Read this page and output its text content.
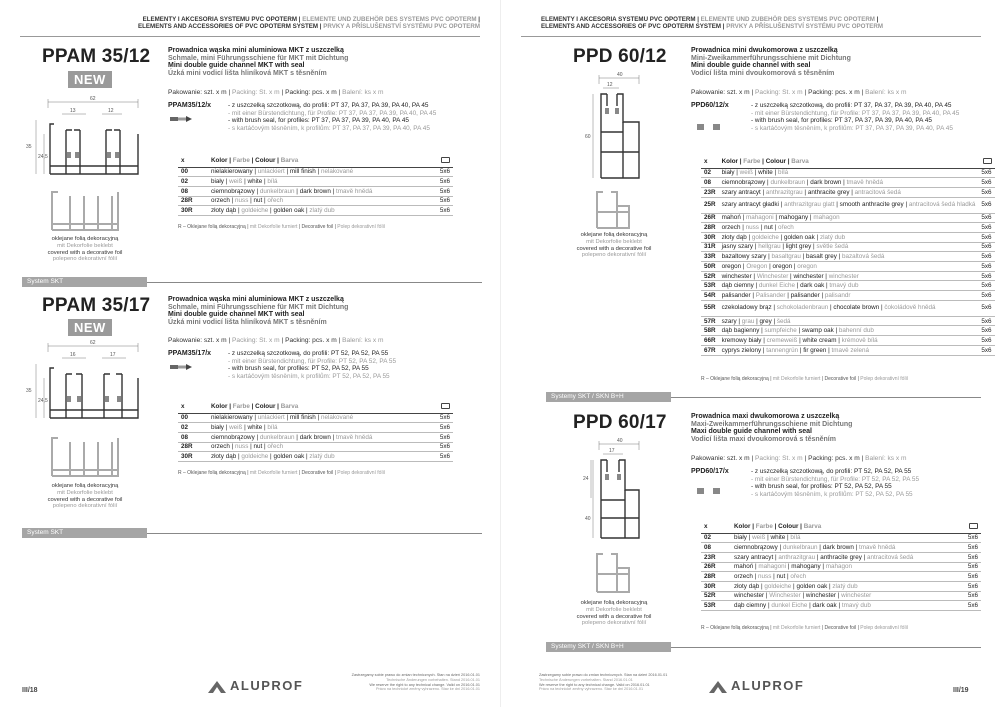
ELEMENTY I AKCESORIA SYSTEMU PVC OPOTERM | ELEMENTE UND ZUBEHÖR DES SYSTEMS PVC OPOTERM |
ELEMENTS AND ACCESSORIES OF PVC OPOTERM SYSTEM | PRVKY A PŘÍSLUŠENSTVÍ SYSTÉMU PVC OPOTERM
PPAM 35/12
NEW
62
13	12
35
24,5
oklejane folią dekoracyjną
mit Dekorfolie beklebt
covered with a decorative foil
polepeno dekorativní fólií
Prowadnica wąska mini aluminiowa MKT z uszczelką
Schmale, mini Führungsschiene für MKT mit Dichtung
Mini double guide channel MKT with seal
Úzká mini vodicí lišta hliníková MKT s těsněním
Pakowanie: szt. x m | Packing: St. x m | Packing: pcs. x m | Balení: ks x m
PPAM35/12/x	- z uszczelką szczotkową, do profili: PT 37, PA 37, PA 39, PA 40, PA 45
- mit einer Bürstendichtung, für Profile: PT 37, PA 37, PA 39, PA 40, PA 45
- with brush seal, for profiles: PT 37, PA 37, PA 39, PA 40, PA 45
- s kartáčovým těsněním, k profilům: PT 37, PA 37, PA 39, PA 40, PA 45
x	Kolor | Farbe | Colour | Barva	
00	nielakierowany | unlackiert | mill finish | nelakované	5x6
02	biały | weiß | white | bílá	5x6
08	ciemnobrązowy | dunkelbraun | dark brown | tmavě hnědá	5x6
28R	orzech | nuss | nut | ořech	5x6
30R	złoty dąb | goldeiche | golden oak | zlatý dub	5x6
R – Oklejane folią dekoracyjną | mit Dekorfolie furniert | Decorative foil | Polep dekorativní fólií
System SKT
PPAM 35/17
NEW
62
16	17
35
24,5
oklejane folią dekoracyjną
mit Dekorfolie beklebt
covered with a decorative foil
polepeno dekorativní fólií
Prowadnica wąska mini aluminiowa MKT z uszczelką
Schmale, mini Führungsschiene für MKT mit Dichtung
Mini double guide channel MKT with seal
Úzká mini vodicí lišta hliníková MKT s těsněním
Pakowanie: szt. x m | Packing: St. x m | Packing: pcs. x m | Balení: ks x m
PPAM35/17/x	- z uszczelką szczotkową, do profili: PT 52, PA 52, PA 55
- mit einer Bürstendichtung, für Profile: PT 52, PA 52, PA 55
- with brush seal, for profiles: PT 52, PA 52, PA 55
- s kartáčovým těsněním, k profilům: PT 52, PA 52, PA 55
x	Kolor | Farbe | Colour | Barva	
00	nielakierowany | unlackiert | mill finish | nelakované	5x6
02	biały | weiß | white | bílá	5x6
08	ciemnobrązowy | dunkelbraun | dark brown | tmavě hnědá	5x6
28R	orzech | nuss | nut | ořech	5x6
30R	złoty dąb | goldeiche | golden oak | zlatý dub	5x6
R – Oklejane folią dekoracyjną | mit Dekorfolie furniert | Decorative foil | Polep dekorativní fólií
System SKT
III/18	ALUPROF
Zastrzegamy sobie prawo do zmian technicznych. Stan na dzień 2016.01.01
Technische Änderungen vorbehalten. Stand 2016.01.01
We reserve the right to any technical change. Valid on 2016.01.01
Právo na technické změny vyhrazeno. Stav ke dni 2016.01.01
ELEMENTY I AKCESORIA SYSTEMU PVC OPOTERM | ELEMENTE UND ZUBEHÖR DES SYSTEMS PVC OPOTERM |
ELEMENTS AND ACCESSORIES OF PVC OPOTERM SYSTEM | PRVKY A PŘÍSLUŠENSTVÍ SYSTÉMU PVC OPOTERM
PPD 60/12
40
12
60
oklejane folią dekoracyjną
mit Dekorfolie beklebt
covered with a decorative foil
polepeno dekorativní fólií
Prowadnica mini dwukomorowa z uszczelką
Mini-Zweikammerführungsschiene mit Dichtung
Mini double guide channel with seal
Vodicí lišta mini dvoukomorová s těsněním
Pakowanie: szt. x m | Packing: St. x m | Packing: pcs. x m | Balení: ks x m
PPD60/12/x	- z uszczelką szczotkową, do profili: PT 37, PA 37, PA 39, PA 40, PA 45
- mit einer Bürstendichtung, für Profile: PT 37, PA 37, PA 39, PA 40, PA 45
- with brush seal, for profiles: PT 37, PA 37, PA 39, PA 40, PA 45
- s kartáčovým těsněním, k profilům: PT 37, PA 37, PA 39, PA 40, PA 45
x	Kolor | Farbe | Colour | Barva	
02	biały | weiß | white | bílá	5x6
08	ciemnobrązowy | dunkelbraun | dark brown | tmavě hnědá	5x6
23R	szary antracyt | anthrazitgrau | anthracite grey | antracitová šedá	5x6
25R	szary antracyt gładki | anthrazitgrau glatt | smooth anthracite grey | antracitová šedá hladká	5x6
26R	mahoń | mahagoni | mahogany | mahagon	5x6
28R	orzech | nuss | nut | ořech	5x6
30R	złoty dąb | goldeiche | golden oak | zlatý dub	5x6
31R	jasny szary | hellgrau | light grey | světle šedá	5x6
33R	bazaltowy szary | basaltgrau | basalt grey | bazaltová šedá	5x6
50R	oregon | Oregon | oregon | oregon	5x6
52R	winchester | Winchester | winchester | winchester	5x6
53R	dąb ciemny | dunkel Eiche | dark oak | tmavý dub	5x6
54R	palisander | Palisander | palisander | palisandr	5x6
55R	czekoladowy brąz | schokoladenbraun | chocolate brown | čokoládově hnědá	5x6
57R	szary | grau | grey | šedá	5x6
58R	dąb bagienny | sumpfeiche | swamp oak | bahenní dub	5x6
66R	kremowy biały | cremeweiß | white cream | krémově bílá	5x6
67R	cyprys zielony | tannengrün | fir green | tmavě zelená	5x6
R – Oklejane folią dekoracyjną | mit Dekorfolie furniert | Decorative foil | Polep dekorativní fólií
Systemy SKT / SKN B+H
PPD 60/17
40
17
40
24
oklejane folią dekoracyjną
mit Dekorfolie beklebt
covered with a decorative foil
polepeno dekorativní fólií
Prowadnica maxi dwukomorowa z uszczelką
Maxi-Zweikammerführungsschiene mit Dichtung
Maxi double guide channel with seal
Vodicí lišta maxi dvoukomorová s těsněním
Pakowanie: szt. x m | Packing: St. x m | Packing: pcs. x m | Balení: ks x m
PPD60/17/x	- z uszczelką szczotkową, do profili: PT 52, PA 52, PA 55
- mit einer Bürstendichtung, für Profile: PT 52, PA 52, PA 55
- with brush seal, for profiles: PT 52, PA 52, PA 55
- s kartáčovým těsněním, k profilům: PT 52, PA 52, PA 55
x	Kolor | Farbe | Colour | Barva	
02	biały | weiß | white | bílá	5x6
08	ciemnobrązowy | dunkelbraun | dark brown | tmavě hnědá	5x6
23R	szary antracyt | anthrazitgrau | anthracite grey | antracitová šedá	5x6
26R	mahoń | mahagoni | mahogany | mahagon	5x6
28R	orzech | nuss | nut | ořech	5x6
30R	złoty dąb | goldeiche | golden oak | zlatý dub	5x6
52R	winchester | Winchester | winchester | winchester	5x6
53R	dąb ciemny | dunkel Eiche | dark oak | tmavý dub	5x6
R – Oklejane folią dekoracyjną | mit Dekorfolie furniert | Decorative foil | Polep dekorativní fólií
Systemy SKT / SKN B+H
Zastrzegamy sobie prawo do zmian technicznych. Stan na dzień 2016.01.01
Technische Änderungen vorbehalten. Stand 2016.01.01
We reserve the right to any technical change. Valid on 2016.01.01
Právo na technické změny vyhrazeno. Stav ke dni 2016.01.01	ALUPROF	III/19
